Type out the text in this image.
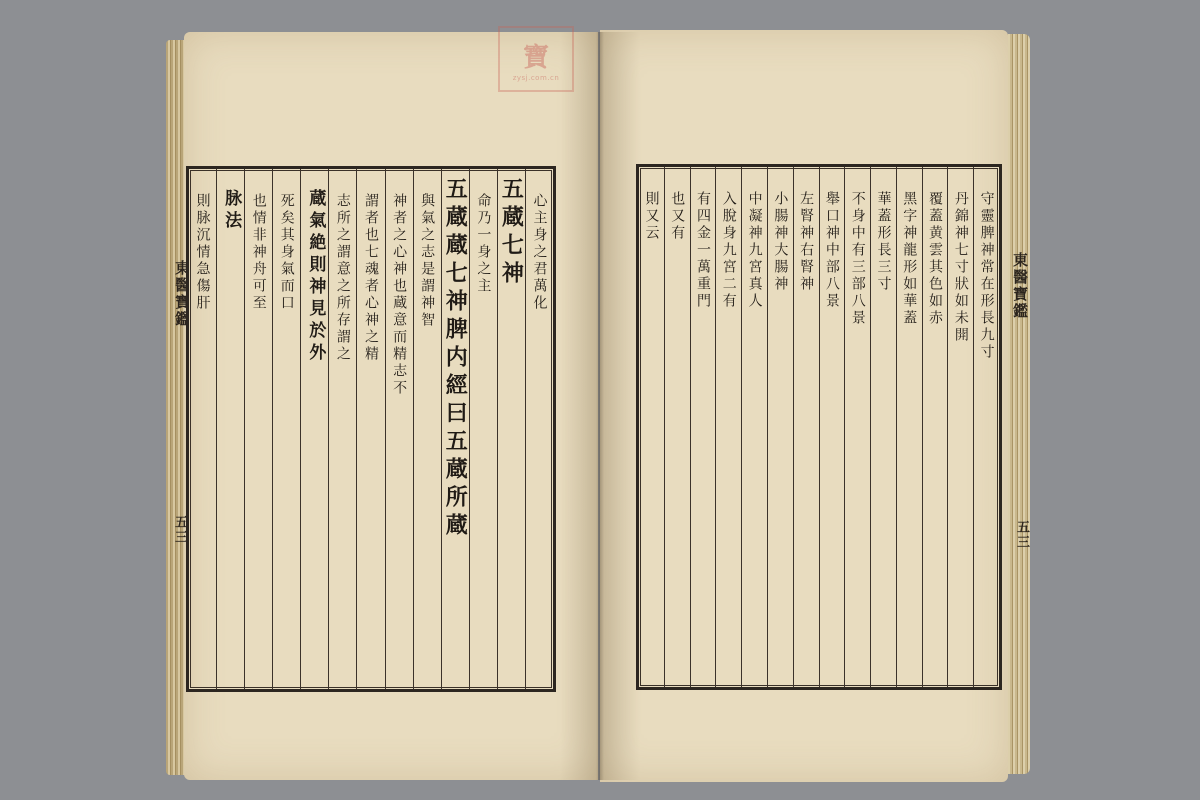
寶
zysj.com.cn
東醫寶鑑
五三
東醫寶鑑
五三
心主身之君萬化
五蔵七神
命乃一身之主
五蔵蔵七神脾内經曰五蔵所蔵
與氣之志是謂神智
神者之心神也蔵意而精志不
謂者也七魂者心神之精
志所之謂意之所存謂之
蔵氣絶則神見於外
死矣其身氣而口
也情非神舟可至
脉法
則脉沉情急傷肝	守靈脾神常在形長九寸
丹錦神七寸狀如未開
覆蓋黄雲其色如赤
黑字神龍形如華蓋
華蓋形長三寸
不身中有三部八景
舉口神中部八景
左腎神右腎神
小腸神大腸神
中凝神九宮真人
入脫身九宮二有
有四金一萬重門
也又有
則又云
